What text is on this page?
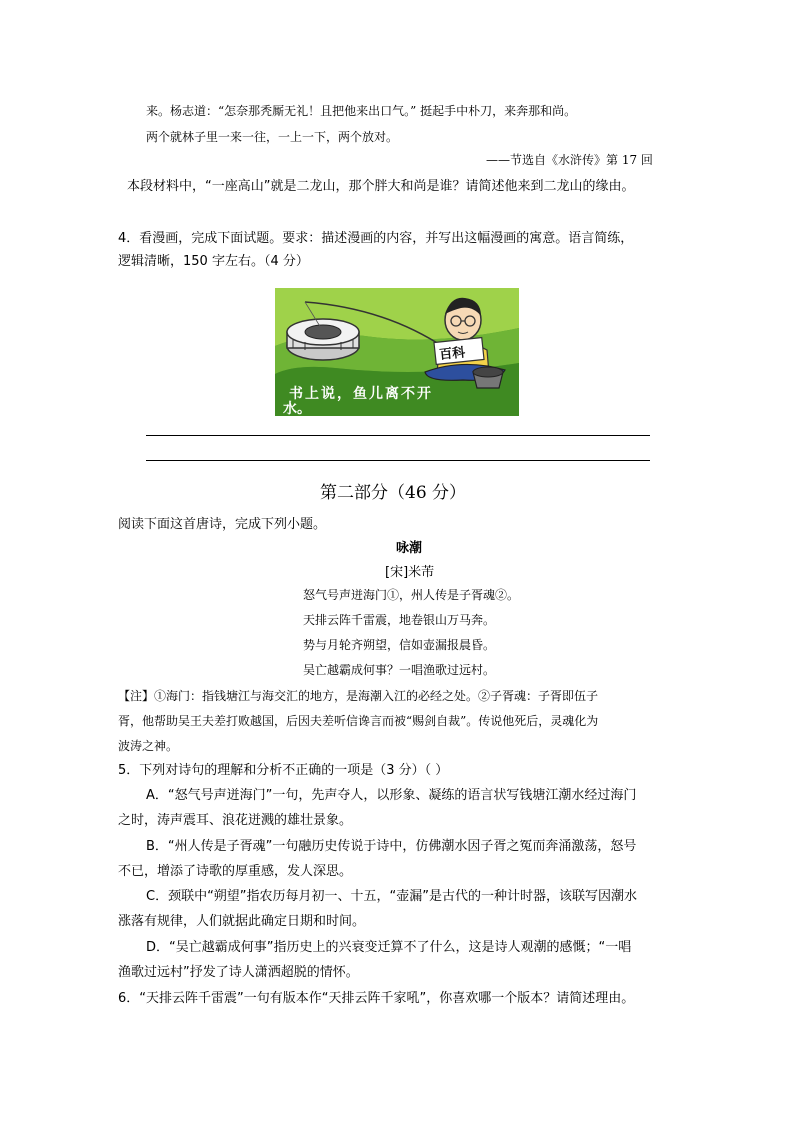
来。杨志道：“怎奈那秃厮无礼！且把他来出口气。” 挺起手中朴刀，来奔那和尚。
两个就林子里一来一往，一上一下，两个放对。
——节选自《水浒传》第 17 回
本段材料中，“一座高山”就是二龙山，那个胖大和尚是谁？请简述他来到二龙山的缘由。
4．看漫画，完成下面试题。要求：描述漫画的内容，并写出这幅漫画的寓意。语言简练，
逻辑清晰，150 字左右。（4 分）
百科
书上说，鱼儿离不开
水。
第二部分（46 分）
阅读下面这首唐诗，完成下列小题。
咏潮
[宋]米芾
怒气号声迸海门①，州人传是子胥魂②。
天排云阵千雷震，地卷银山万马奔。
势与月轮齐朔望，信如壶漏报晨昏。
吴亡越霸成何事？一唱渔歌过远村。
【注】①海门：指钱塘江与海交汇的地方，是海潮入江的必经之处。②子胥魂：子胥即伍子
胥，他帮助吴王夫差打败越国，后因夫差听信谗言而被“赐剑自裁”。传说他死后，灵魂化为
波涛之神。
5．下列对诗句的理解和分析不正确的一项是（3 分）（ ）
A．“怒气号声迸海门”一句，先声夺人，以形象、凝练的语言状写钱塘江潮水经过海门
之时，涛声震耳、浪花迸溅的雄壮景象。
B．“州人传是子胥魂”一句融历史传说于诗中，仿佛潮水因子胥之冤而奔涌激荡，怒号
不已，增添了诗歌的厚重感，发人深思。
C．颈联中“朔望”指农历每月初一、十五，“壶漏”是古代的一种计时器，该联写因潮水
涨落有规律，人们就据此确定日期和时间。
D．“吴亡越霸成何事”指历史上的兴衰变迁算不了什么，这是诗人观潮的感慨；“一唱
渔歌过远村”抒发了诗人潇洒超脱的情怀。
6．“天排云阵千雷震”一句有版本作“天排云阵千家吼”，你喜欢哪一个版本？请简述理由。
